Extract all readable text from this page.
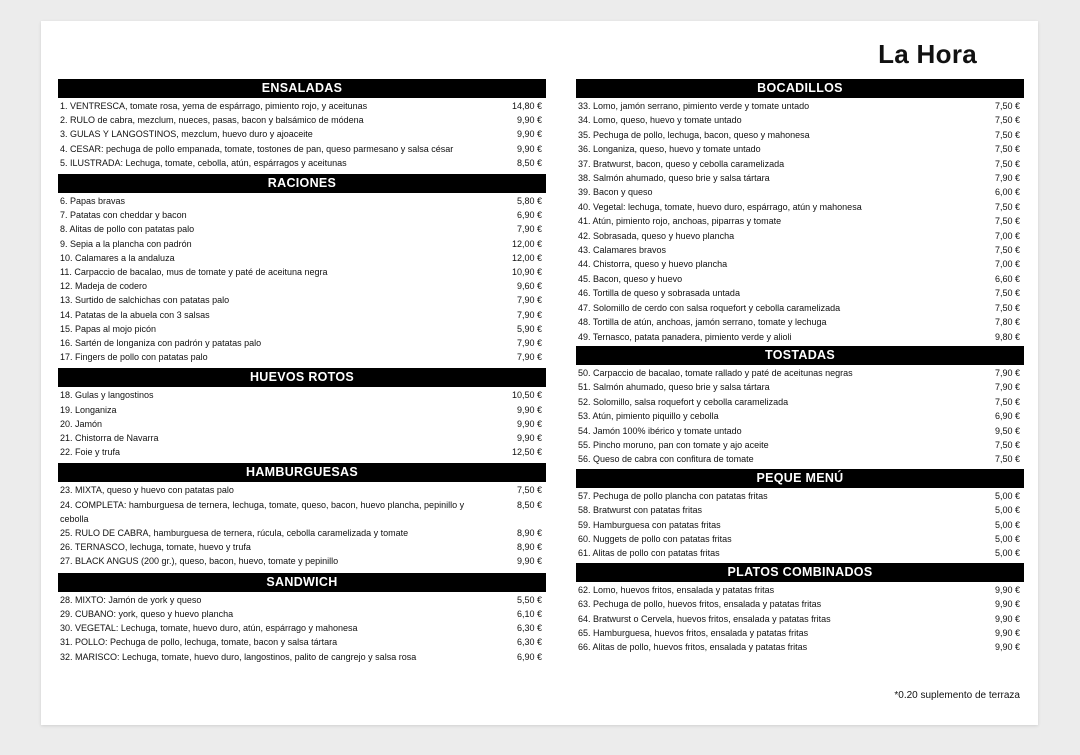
La Hora
ENSALADAS
1. VENTRESCA, tomate rosa, yema de espárrago, pimiento rojo, y aceitunas	14,80 €
2. RULO de cabra, mezclum, nueces, pasas, bacon y balsámico de módena	9,90 €
3. GULAS Y LANGOSTINOS, mezclum, huevo duro y ajoaceite	9,90 €
4. CESAR: pechuga de pollo empanada, tomate, tostones de pan, queso parmesano y salsa césar	9,90 €
5. ILUSTRADA: Lechuga, tomate, cebolla, atún, espárragos y aceitunas	8,50 €
RACIONES
6. Papas bravas	5,80 €
7. Patatas con cheddar y bacon	6,90 €
8. Alitas de pollo con patatas palo	7,90 €
9. Sepia a la plancha con padrón	12,00 €
10. Calamares a la andaluza	12,00 €
11. Carpaccio de bacalao, mus de tomate y paté de aceituna negra	10,90 €
12. Madeja de codero	9,60 €
13. Surtido de salchichas con patatas palo	7,90 €
14. Patatas de la abuela con 3 salsas	7,90 €
15. Papas al mojo picón	5,90 €
16. Sartén de longaniza con padrón y patatas palo	7,90 €
17. Fingers de pollo con patatas palo	7,90 €
HUEVOS ROTOS
18. Gulas y langostinos	10,50 €
19. Longaniza	9,90 €
20. Jamón	9,90 €
21. Chistorra de Navarra	9,90 €
22. Foie y trufa	12,50 €
HAMBURGUESAS
23. MIXTA, queso y huevo con patatas palo	7,50 €
24. COMPLETA: hamburguesa de ternera, lechuga, tomate, queso, bacon, huevo plancha, pepinillo y cebolla
8,50 €
25. RULO DE CABRA, hamburguesa de ternera, rúcula, cebolla caramelizada y tomate	8,90 €
26. TERNASCO, lechuga, tomate, huevo y trufa	8,90 €
27. BLACK ANGUS (200 gr.), queso, bacon, huevo, tomate y pepinillo	9,90 €
SANDWICH
28. MIXTO: Jamón de york y queso	5,50 €
29. CUBANO: york, queso y huevo plancha	6,10 €
30. VEGETAL: Lechuga, tomate, huevo duro, atún, espárrago y mahonesa	6,30 €
31. POLLO: Pechuga de pollo, lechuga, tomate, bacon y salsa tártara	6,30 €
32. MARISCO: Lechuga, tomate, huevo duro, langostinos, palito de cangrejo y salsa rosa	6,90 €
BOCADILLOS
33. Lomo, jamón serrano, pimiento verde y tomate untado	7,50 €
34. Lomo, queso, huevo y tomate untado	7,50 €
35. Pechuga de pollo, lechuga, bacon, queso y mahonesa	7,50 €
36. Longaniza, queso, huevo y tomate untado	7,50 €
37. Bratwurst, bacon, queso y cebolla caramelizada	7,50 €
38. Salmón ahumado, queso brie y salsa tártara	7,90 €
39. Bacon y queso	6,00 €
40. Vegetal: lechuga, tomate, huevo duro, espárrago, atún y mahonesa	7,50 €
41. Atún, pimiento rojo, anchoas, piparras y tomate	7,50 €
42. Sobrasada, queso y huevo plancha	7,00 €
43. Calamares bravos	7,50 €
44. Chistorra, queso y huevo plancha	7,00 €
45. Bacon, queso y huevo	6,60 €
46. Tortilla de queso y sobrasada untada	7,50 €
47. Solomillo de cerdo con salsa roquefort y cebolla caramelizada	7,50 €
48. Tortilla de atún, anchoas, jamón serrano, tomate y lechuga	7,80 €
49. Ternasco, patata panadera, pimiento verde y alioli	9,80 €
TOSTADAS
50. Carpaccio de bacalao, tomate rallado y paté de aceitunas negras	7,90 €
51. Salmón ahumado, queso brie y salsa tártara	7,90 €
52. Solomillo, salsa roquefort y cebolla caramelizada	7,50 €
53. Atún, pimiento piquillo y cebolla	6,90 €
54. Jamón 100% ibérico y tomate untado	9,50 €
55. Pincho moruno, pan con tomate y ajo aceite	7,50 €
56. Queso de cabra con confitura de tomate	7,50 €
PEQUE MENÚ
57. Pechuga de pollo plancha con patatas fritas	5,00 €
58. Bratwurst con patatas fritas	5,00 €
59. Hamburguesa con patatas fritas	5,00 €
60. Nuggets de pollo con patatas fritas	5,00 €
61. Alitas de pollo con patatas fritas	5,00 €
PLATOS COMBINADOS
62. Lomo, huevos fritos, ensalada y patatas fritas	9,90 €
63. Pechuga de pollo, huevos fritos, ensalada y patatas fritas	9,90 €
64. Bratwurst o Cervela, huevos fritos, ensalada y patatas fritas	9,90 €
65. Hamburguesa, huevos fritos, ensalada y patatas fritas	9,90 €
66. Alitas de pollo, huevos fritos, ensalada y patatas fritas	9,90 €
*0.20 suplemento de terraza
